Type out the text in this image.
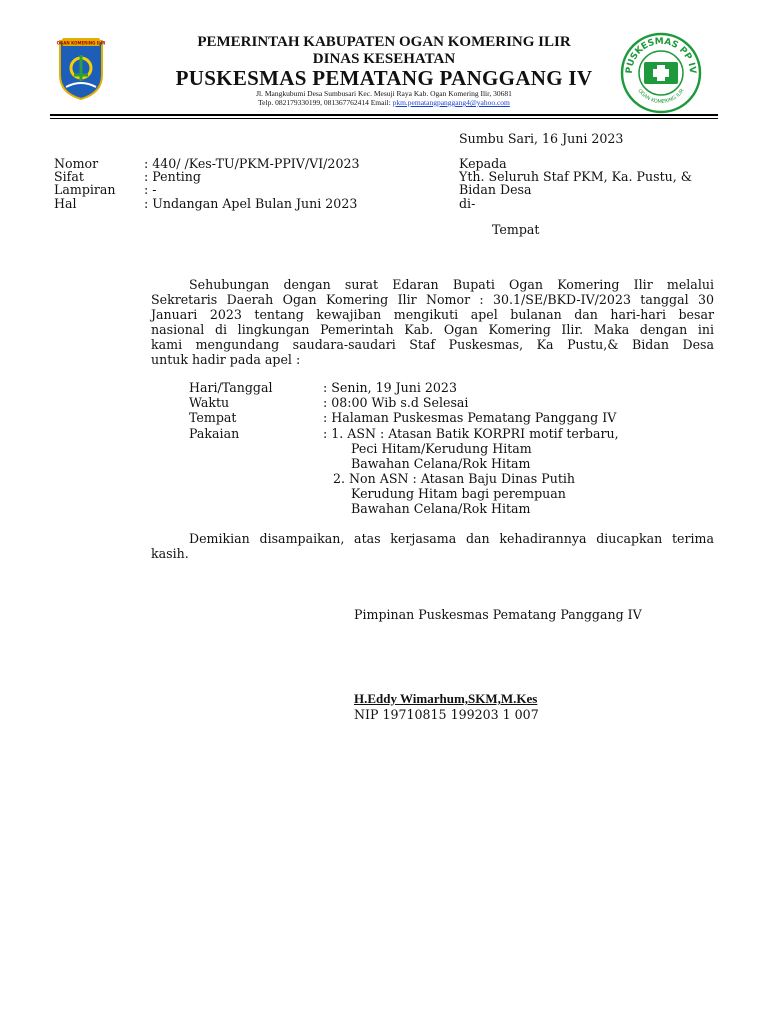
OGAN KOMERING ILIR
PUSKESMAS PP IV
OGAN KOMERING ILIR
PEMERINTAH KABUPATEN OGAN KOMERING ILIR
DINAS KESEHATAN
PUSKESMAS PEMATANG PANGGANG IV
Jl. Mangkubumi Desa Sumbusari Kec. Mesuji Raya Kab. Ogan Komering Ilir, 30681
Telp. 082179330199, 081367762414 Email: pkm.pematangpanggang4@yahoo.com
Sumbu Sari, 16 Juni 2023
Nomor	: 440/ /Kes-TU/PKM-PPIV/VI/2023
Sifat	: Penting
Lampiran : -
Hal	: Undangan Apel Bulan Juni 2023
Kepada
Yth. Seluruh Staf PKM, Ka. Pustu, &
Bidan Desa
di-
Tempat
Sehubungan dengan surat Edaran Bupati Ogan Komering Ilir melalui
Sekretaris Daerah Ogan Komering Ilir Nomor : 30.1/SE/BKD-IV/2023 tanggal 30
Januari 2023 tentang kewajiban mengikuti apel bulanan dan hari-hari besar
nasional di lingkungan Pemerintah Kab. Ogan Komering Ilir. Maka dengan ini
kami mengundang saudara-saudari Staf Puskesmas, Ka Pustu,& Bidan Desa
untuk hadir pada apel :
Hari/Tanggal	: Senin, 19 Juni 2023
Waktu	: 08:00 Wib s.d Selesai
Tempat	: Halaman Puskesmas Pematang Panggang IV
Pakaian	: 1. ASN : Atasan Batik KORPRI motif terbaru,
Peci Hitam/Kerudung Hitam
Bawahan Celana/Rok Hitam
2. Non ASN : Atasan Baju Dinas Putih
Kerudung Hitam bagi perempuan
Bawahan Celana/Rok Hitam
Demikian disampaikan, atas kerjasama dan kehadirannya diucapkan terima
kasih.
Pimpinan Puskesmas Pematang Panggang IV
H.Eddy Wimarhum,SKM,M.Kes
NIP 19710815 199203 1 007
